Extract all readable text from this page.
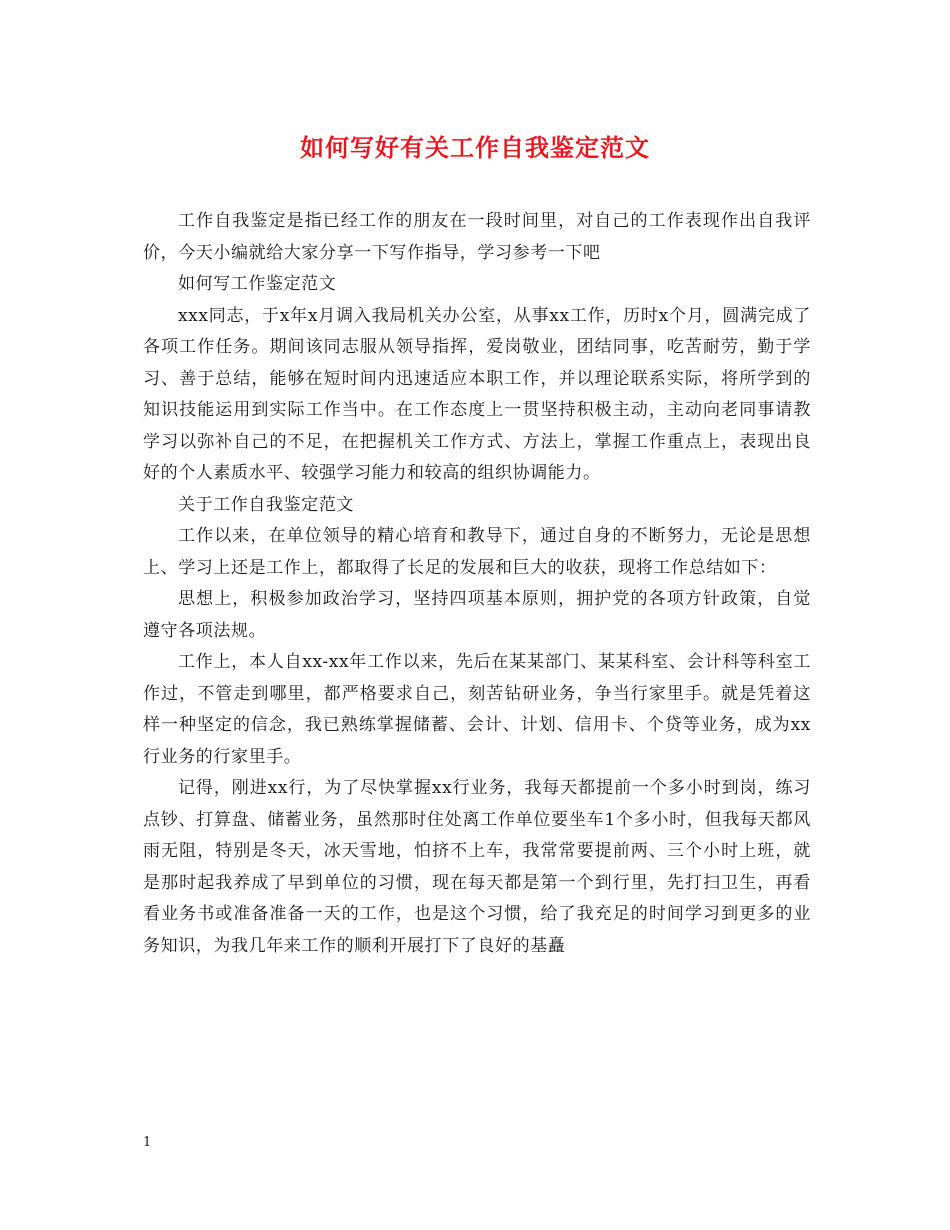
如何写好有关工作自我鉴定范文

工作自我鉴定是指已经工作的朋友在一段时间里，对自己的工作表现作出自我评价，今天小编就给大家分享一下写作指导，学习参考一下吧

如何写工作鉴定范文

xxx同志，于x年x月调入我局机关办公室，从事xx工作，历时x个月，圆满完成了各项工作任务。期间该同志服从领导指挥，爱岗敬业，团结同事，吃苦耐劳，勤于学习、善于总结，能够在短时间内迅速适应本职工作，并以理论联系实际，将所学到的知识技能运用到实际工作当中。在工作态度上一贯坚持积极主动，主动向老同事请教学习以弥补自己的不足，在把握机关工作方式、方法上，掌握工作重点上，表现出良好的个人素质水平、较强学习能力和较高的组织协调能力。

关于工作自我鉴定范文

工作以来，在单位领导的精心培育和教导下，通过自身的不断努力，无论是思想上、学习上还是工作上，都取得了长足的发展和巨大的收获，现将工作总结如下：

思想上，积极参加政治学习，坚持四项基本原则，拥护党的各项方针政策，自觉遵守各项法规。

工作上，本人自xx-xx年工作以来，先后在某某部门、某某科室、会计科等科室工作过，不管走到哪里，都严格要求自己，刻苦钻研业务，争当行家里手。就是凭着这样一种坚定的信念，我已熟练掌握储蓄、会计、计划、信用卡、个贷等业务，成为xx行业务的行家里手。

记得，刚进xx行，为了尽快掌握xx行业务，我每天都提前一个多小时到岗，练习点钞、打算盘、储蓄业务，虽然那时住处离工作单位要坐车1个多小时，但我每天都风雨无阻，特别是冬天，冰天雪地，怕挤不上车，我常常要提前两、三个小时上班，就是那时起我养成了早到单位的习惯，现在每天都是第一个到行里，先打扫卫生，再看看业务书或准备准备一天的工作，也是这个习惯，给了我充足的时间学习到更多的业务知识，为我几年来工作的顺利开展打下了良好的基矗

1
